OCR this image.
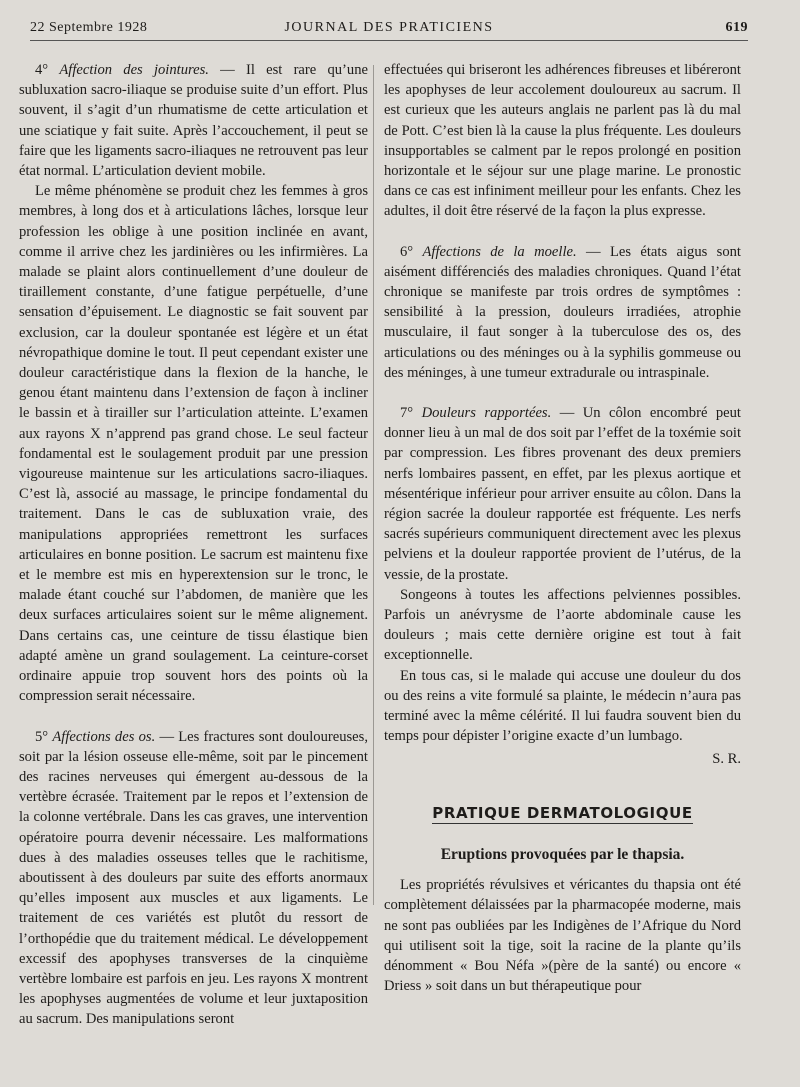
22 Septembre 1928	JOURNAL DES PRATICIENS	619

4° Affection des jointures. — Il est rare qu’une subluxation sacro-iliaque se produise suite d’un effort. Plus souvent, il s’agit d’un rhumatisme de cette articulation et une sciatique y fait suite. Après l’accouchement, il peut se faire que les ligaments sacro-iliaques ne retrouvent pas leur état normal. L’articulation devient mobile.

Le même phénomène se produit chez les femmes à gros membres, à long dos et à articulations lâches, lorsque leur profession les oblige à une position inclinée en avant, comme il arrive chez les jardinières ou les infirmières. La malade se plaint alors continuellement d’une douleur de tiraillement constante, d’une fatigue perpétuelle, d’une sensation d’épuisement. Le diagnostic se fait souvent par exclusion, car la douleur spontanée est légère et un état névropathique domine le tout. Il peut cependant exister une douleur caractéristique dans la flexion de la hanche, le genou étant maintenu dans l’extension de façon à incliner le bassin et à tirailler sur l’articulation atteinte. L’examen aux rayons X n’apprend pas grand chose. Le seul facteur fondamental est le soulagement produit par une pression vigoureuse maintenue sur les articulations sacro-iliaques. C’est là, associé au massage, le principe fondamental du traitement. Dans le cas de subluxation vraie, des manipulations appropriées remettront les surfaces articulaires en bonne position. Le sacrum est maintenu fixe et le membre est mis en hyperextension sur le tronc, le malade étant couché sur l’abdomen, de manière que les deux surfaces articulaires soient sur le même alignement. Dans certains cas, une ceinture de tissu élastique bien adapté amène un grand soulagement. La ceinture-corset ordinaire appuie trop souvent hors des points où la compression serait nécessaire.

5° Affections des os. — Les fractures sont douloureuses, soit par la lésion osseuse elle-même, soit par le pincement des racines nerveuses qui émergent au-dessous de la vertèbre écrasée. Traitement par le repos et l’extension de la colonne vertébrale. Dans les cas graves, une intervention opératoire pourra devenir nécessaire. Les malformations dues à des maladies osseuses telles que le rachitisme, aboutissent à des douleurs par suite des efforts anormaux qu’elles imposent aux muscles et aux ligaments. Le traitement de ces variétés est plutôt du ressort de l’orthopédie que du traitement médical. Le développement excessif des apophyses transverses de la cinquième vertèbre lombaire est parfois en jeu. Les rayons X montrent les apophyses augmentées de volume et leur juxtaposition au sacrum. Des manipulations seront

effectuées qui briseront les adhérences fibreuses et libéreront les apophyses de leur accolement douloureux au sacrum. Il est curieux que les auteurs anglais ne parlent pas là du mal de Pott. C’est bien là la cause la plus fréquente. Les douleurs insupportables se calment par le repos prolongé en position horizontale et le séjour sur une plage marine. Le pronostic dans ce cas est infiniment meilleur pour les enfants. Chez les adultes, il doit être réservé de la façon la plus expresse.

6° Affections de la moelle. — Les états aigus sont aisément différenciés des maladies chroniques. Quand l’état chronique se manifeste par trois ordres de symptômes : sensibilité à la pression, douleurs irradiées, atrophie musculaire, il faut songer à la tuberculose des os, des articulations ou des méninges ou à la syphilis gommeuse ou des méninges, à une tumeur extradurale ou intraspinale.

7° Douleurs rapportées. — Un côlon encombré peut donner lieu à un mal de dos soit par l’effet de la toxémie soit par compression. Les fibres provenant des deux premiers nerfs lombaires passent, en effet, par les plexus aortique et mésentérique inférieur pour arriver ensuite au côlon. Dans la région sacrée la douleur rapportée est fréquente. Les nerfs sacrés supérieurs communiquent directement avec les plexus pelviens et la douleur rapportée provient de l’utérus, de la vessie, de la prostate.

Songeons à toutes les affections pelviennes possibles. Parfois un anévrysme de l’aorte abdominale cause les douleurs ; mais cette dernière origine est tout à fait exceptionnelle.

En tous cas, si le malade qui accuse une douleur du dos ou des reins a vite formulé sa plainte, le médecin n’aura pas terminé avec la même célérité. Il lui faudra souvent bien du temps pour dépister l’origine exacte d’un lumbago.

S. R.

PRATIQUE DERMATOLOGIQUE
Eruptions provoquées par le thapsia.

Les propriétés révulsives et véricantes du thapsia ont été complètement délaissées par la pharmacopée moderne, mais ne sont pas oubliées par les Indigènes de l’Afrique du Nord qui utilisent soit la tige, soit la racine de la plante qu’ils dénomment « Bou Néfa »(père de la santé) ou encore « Driess » soit dans un but thérapeutique pour
